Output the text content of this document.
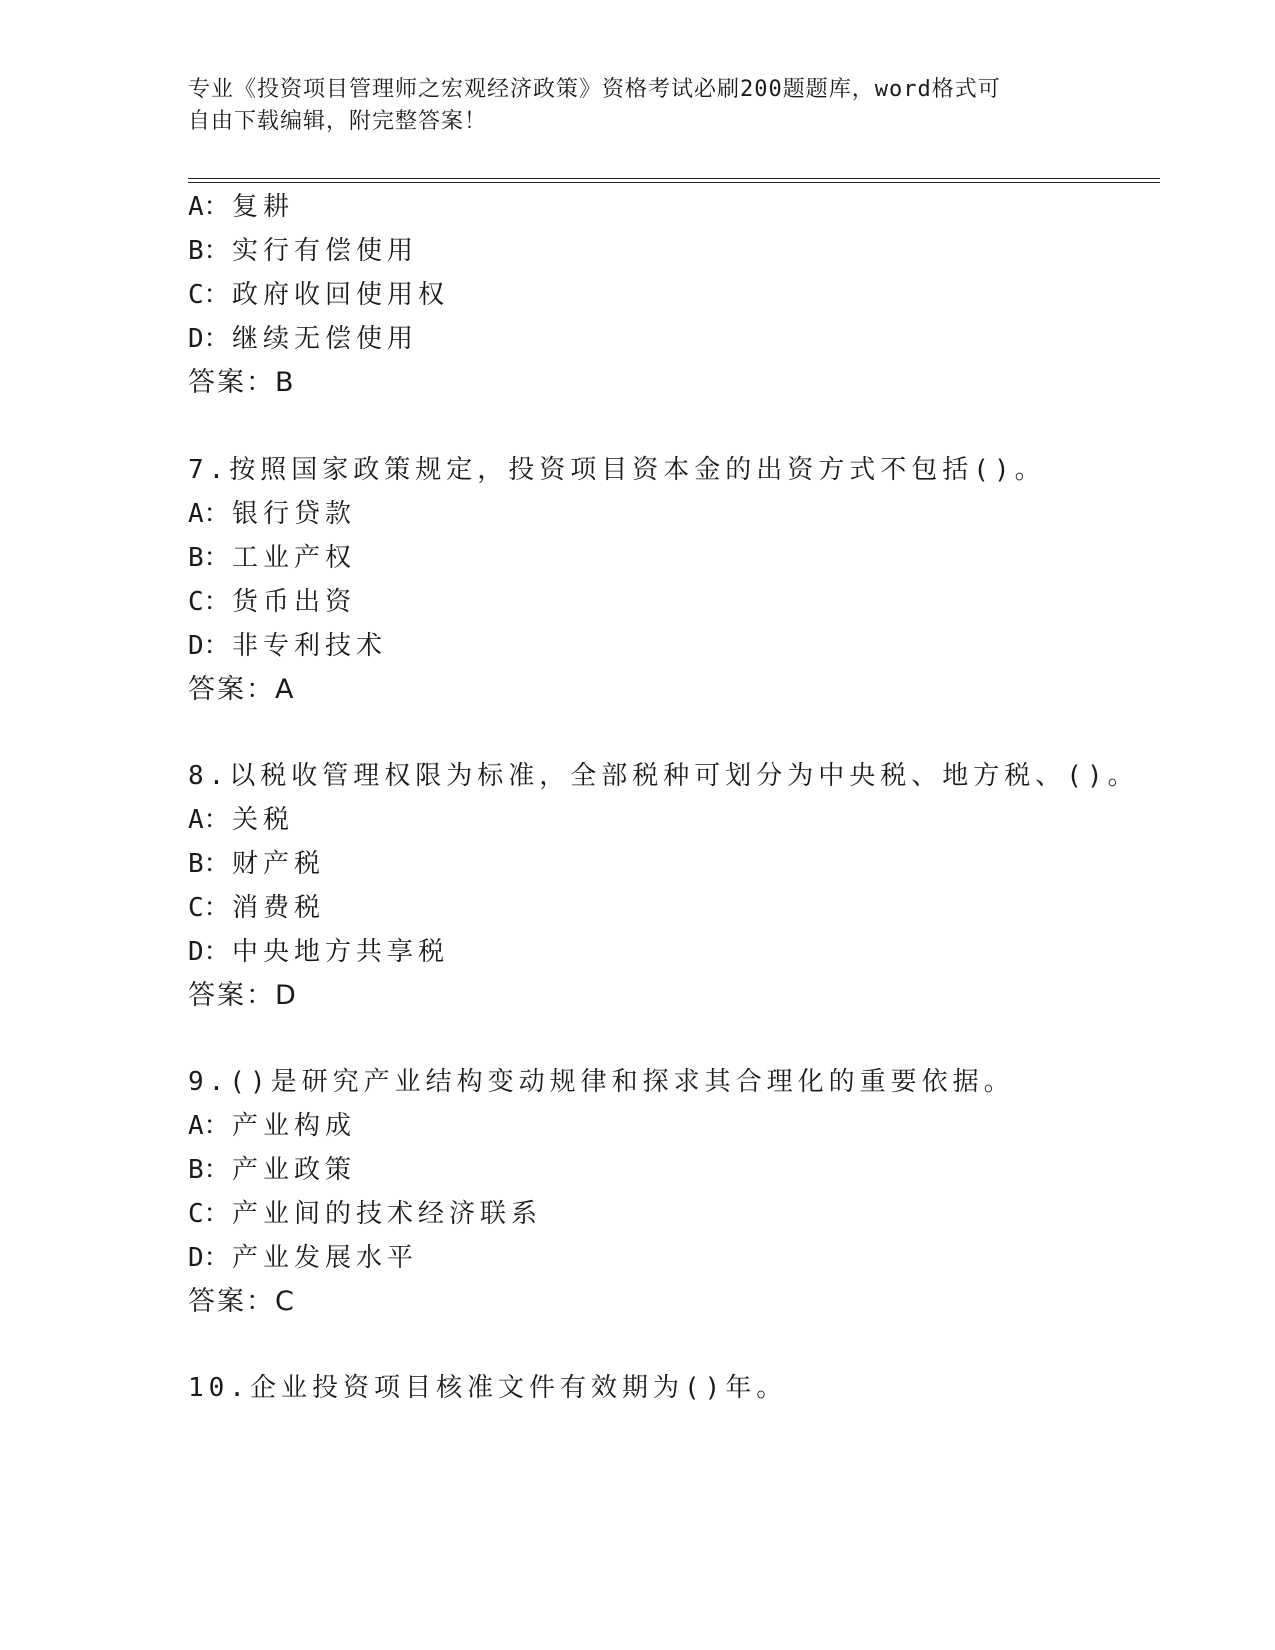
专业《投资项目管理师之宏观经济政策》资格考试必刷200题题库，word格式可
自由下载编辑，附完整答案！
A：复耕
B：实行有偿使用
C：政府收回使用权
D：继续无偿使用
答案：B
7.按照国家政策规定，投资项目资本金的出资方式不包括()。
A：银行贷款
B：工业产权
C：货币出资
D：非专利技术
答案：A
8.以税收管理权限为标准，全部税种可划分为中央税、地方税、()。
A：关税
B：财产税
C：消费税
D：中央地方共享税
答案：D
9.()是研究产业结构变动规律和探求其合理化的重要依据。
A：产业构成
B：产业政策
C：产业间的技术经济联系
D：产业发展水平
答案：C
10.企业投资项目核准文件有效期为()年。
